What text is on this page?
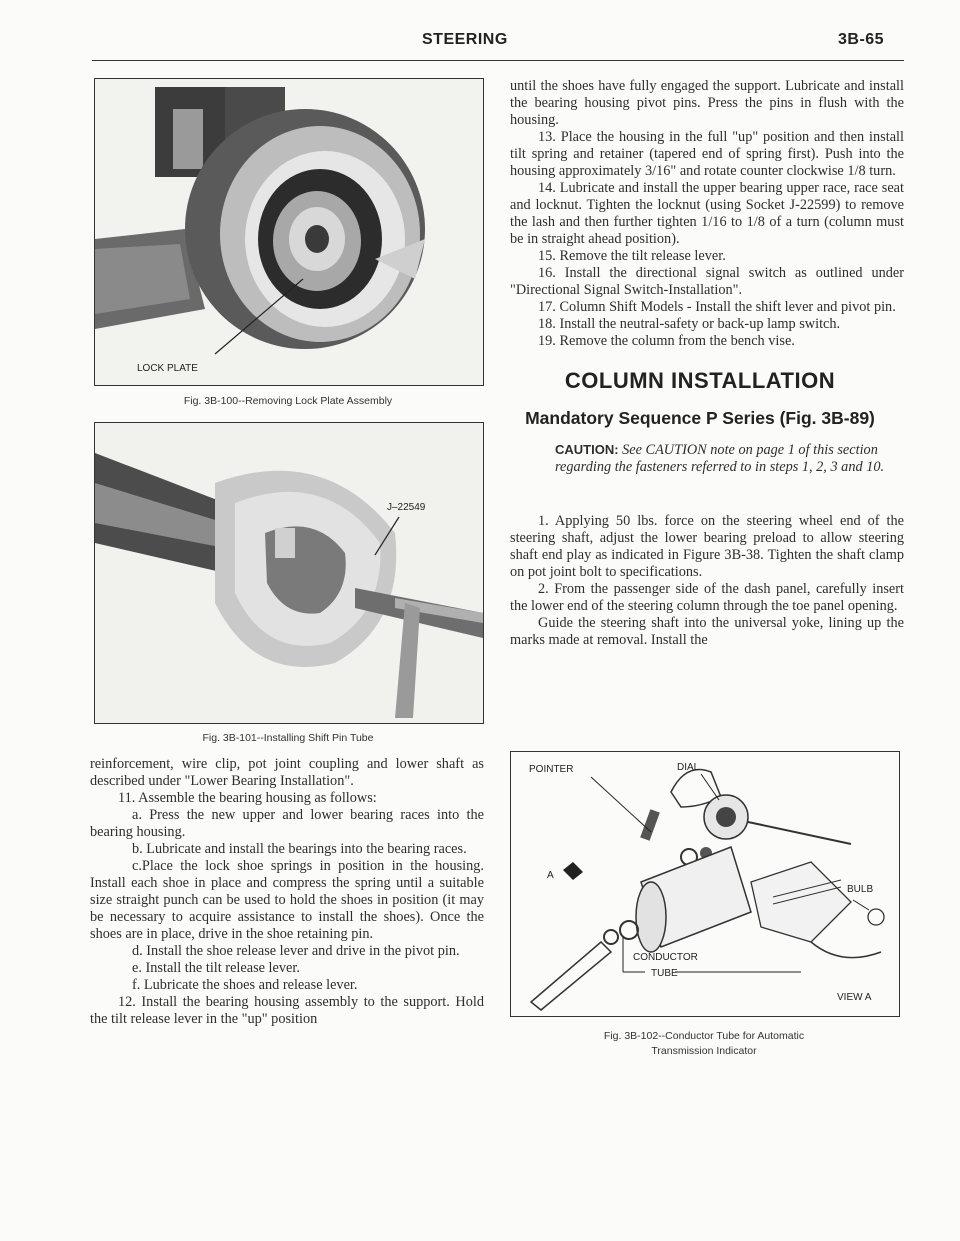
STEERING	3B-65
LOCK PLATE
Fig. 3B-100--Removing Lock Plate Assembly
J–22549
Fig. 3B-101--Installing Shift Pin Tube

reinforcement, wire clip, pot joint coupling and lower shaft as described under "Lower Bearing Installation".

11. Assemble the bearing housing as follows:

a. Press the new upper and lower bearing races into the bearing housing.

b. Lubricate and install the bearings into the bearing races.

c.Place the lock shoe springs in position in the housing. Install each shoe in place and compress the spring until a suitable size straight punch can be used to hold the shoes in position (it may be necessary to acquire assistance to install the shoes). Once the shoes are in place, drive in the shoe retaining pin.

d. Install the shoe release lever and drive in the pivot pin.

e. Install the tilt release lever.

f. Lubricate the shoes and release lever.

12. Install the bearing housing assembly to the support. Hold the tilt release lever in the "up" position

until the shoes have fully engaged the support. Lubricate and install the bearing housing pivot pins. Press the pins in flush with the housing.

13. Place the housing in the full "up" position and then install tilt spring and retainer (tapered end of spring first). Push into the housing approximately 3/16" and rotate counter clockwise 1/8 turn.

14. Lubricate and install the upper bearing upper race, race seat and locknut. Tighten the locknut (using Socket J-22599) to remove the lash and then further tighten 1/16 to 1/8 of a turn (column must be in straight ahead position).

15. Remove the tilt release lever.

16. Install the directional signal switch as outlined under "Directional Signal Switch-Installation".

17. Column Shift Models - Install the shift lever and pivot pin.

18. Install the neutral-safety or back-up lamp switch.

19. Remove the column from the bench vise.

COLUMN INSTALLATION
Mandatory Sequence P Series (Fig. 3B-89)
CAUTION: See CAUTION note on page 1 of this section regarding the fasteners referred to in steps 1, 2, 3 and 10.

1. Applying 50 lbs. force on the steering wheel end of the steering shaft, adjust the lower bearing preload to allow steering shaft end play as indicated in Figure 3B-38. Tighten the shaft clamp on pot joint bolt to specifications.

2. From the passenger side of the dash panel, carefully insert the lower end of the steering column through the toe panel opening.

Guide the steering shaft into the universal yoke, lining up the marks made at removal. Install the

POINTER	DIAL
BULB
CONDUCTOR
TUBE
VIEW A
A
Fig. 3B-102--Conductor Tube for Automatic
Transmission Indicator
